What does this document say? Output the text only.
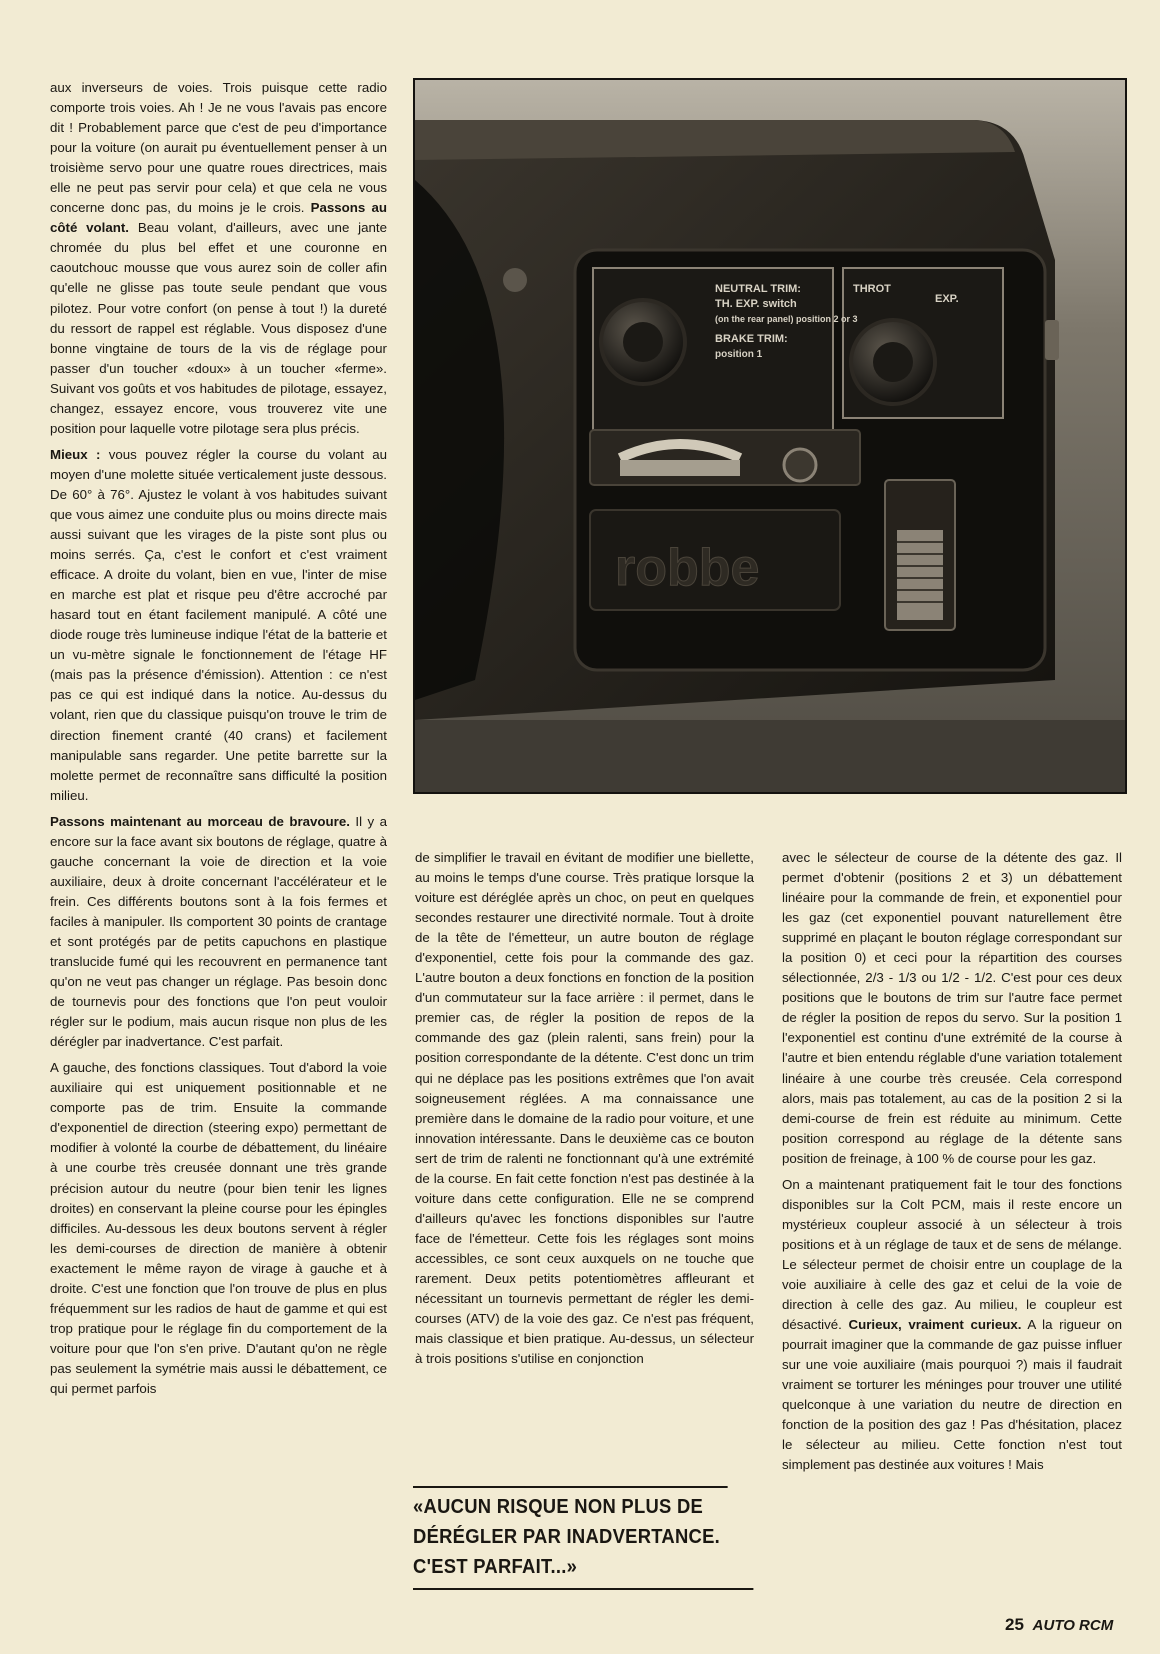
aux inverseurs de voies. Trois puisque cette radio comporte trois voies. Ah ! Je ne vous l'avais pas encore dit ! Probablement parce que c'est de peu d'importance pour la voiture (on aurait pu éventuellement penser à un troisième servo pour une quatre roues directrices, mais elle ne peut pas servir pour cela) et que cela ne vous concerne donc pas, du moins je le crois. Passons au côté volant. Beau volant, d'ailleurs, avec une jante chromée du plus bel effet et une couronne en caoutchouc mousse que vous aurez soin de coller afin qu'elle ne glisse pas toute seule pendant que vous pilotez. Pour votre confort (on pense à tout !) la dureté du ressort de rappel est réglable. Vous disposez d'une bonne vingtaine de tours de la vis de réglage pour passer d'un toucher «doux» à un toucher «ferme». Suivant vos goûts et vos habitudes de pilotage, essayez, changez, essayez encore, vous trouverez vite une position pour laquelle votre pilotage sera plus précis.

Mieux : vous pouvez régler la course du volant au moyen d'une molette située verticalement juste dessous. De 60° à 76°. Ajustez le volant à vos habitudes suivant que vous aimez une conduite plus ou moins directe mais aussi suivant que les virages de la piste sont plus ou moins serrés. Ça, c'est le confort et c'est vraiment efficace. A droite du volant, bien en vue, l'inter de mise en marche est plat et risque peu d'être accroché par hasard tout en étant facilement manipulé. A côté une diode rouge très lumineuse indique l'état de la batterie et un vu-mètre signale le fonctionnement de l'étage HF (mais pas la présence d'émission). Attention : ce n'est pas ce qui est indiqué dans la notice. Au-dessus du volant, rien que du classique puisqu'on trouve le trim de direction finement cranté (40 crans) et facilement manipulable sans regarder. Une petite barrette sur la molette permet de reconnaître sans difficulté la position milieu.

Passons maintenant au morceau de bravoure. Il y a encore sur la face avant six boutons de réglage, quatre à gauche concernant la voie de direction et la voie auxiliaire, deux à droite concernant l'accélérateur et le frein. Ces différents boutons sont à la fois fermes et faciles à manipuler. Ils comportent 30 points de crantage et sont protégés par de petits capuchons en plastique translucide fumé qui les recouvrent en permanence tant qu'on ne veut pas changer un réglage. Pas besoin donc de tournevis pour des fonctions que l'on peut vouloir régler sur le podium, mais aucun risque non plus de les dérégler par inadvertance. C'est parfait.

A gauche, des fonctions classiques. Tout d'abord la voie auxiliaire qui est uniquement positionnable et ne comporte pas de trim. Ensuite la commande d'exponentiel de direction (steering expo) permettant de modifier à volonté la courbe de débattement, du linéaire à une courbe très creusée donnant une très grande précision autour du neutre (pour bien tenir les lignes droites) en conservant la pleine course pour les épingles difficiles. Au-dessous les deux boutons servent à régler les demi-courses de direction de manière à obtenir exactement le même rayon de virage à gauche et à droite. C'est une fonction que l'on trouve de plus en plus fréquemment sur les radios de haut de gamme et qui est trop pratique pour le réglage fin du comportement de la voiture pour que l'on s'en prive. D'autant qu'on ne règle pas seulement la symétrie mais aussi le débattement, ce qui permet parfois

NEUTRAL TRIM:
TH. EXP. switch
(on the rear panel) position 2 or 3
BRAKE TRIM:
position 1
THROT
EXP.
robbe

de simplifier le travail en évitant de modifier une biellette, au moins le temps d'une course. Très pratique lorsque la voiture est déréglée après un choc, on peut en quelques secondes restaurer une directivité normale. Tout à droite de la tête de l'émetteur, un autre bouton de réglage d'exponentiel, cette fois pour la commande des gaz. L'autre bouton a deux fonctions en fonction de la position d'un commutateur sur la face arrière : il permet, dans le premier cas, de régler la position de repos de la commande des gaz (plein ralenti, sans frein) pour la position correspondante de la détente. C'est donc un trim qui ne déplace pas les positions extrêmes que l'on avait soigneusement réglées. A ma connaissance une première dans le domaine de la radio pour voiture, et une innovation intéressante. Dans le deuxième cas ce bouton sert de trim de ralenti ne fonctionnant qu'à une extrémité de la course. En fait cette fonction n'est pas destinée à la voiture dans cette configuration. Elle ne se comprend d'ailleurs qu'avec les fonctions disponibles sur l'autre face de l'émetteur. Cette fois les réglages sont moins accessibles, ce sont ceux auxquels on ne touche que rarement. Deux petits potentiomètres affleurant et nécessitant un tournevis permettant de régler les demi-courses (ATV) de la voie des gaz. Ce n'est pas fréquent, mais classique et bien pratique. Au-dessus, un sélecteur à trois positions s'utilise en conjonction

avec le sélecteur de course de la détente des gaz. Il permet d'obtenir (positions 2 et 3) un débattement linéaire pour la commande de frein, et exponentiel pour les gaz (cet exponentiel pouvant naturellement être supprimé en plaçant le bouton réglage correspondant sur la position 0) et ceci pour la répartition des courses sélectionnée, 2/3 - 1/3 ou 1/2 - 1/2. C'est pour ces deux positions que le boutons de trim sur l'autre face permet de régler la position de repos du servo. Sur la position 1 l'exponentiel est continu d'une extrémité de la course à l'autre et bien entendu réglable d'une variation totalement linéaire à une courbe très creusée. Cela correspond alors, mais pas totalement, au cas de la position 2 si la demi-course de frein est réduite au minimum. Cette position correspond au réglage de la détente sans position de freinage, à 100 % de course pour les gaz.

On a maintenant pratiquement fait le tour des fonctions disponibles sur la Colt PCM, mais il reste encore un mystérieux coupleur associé à un sélecteur à trois positions et à un réglage de taux et de sens de mélange. Le sélecteur permet de choisir entre un couplage de la voie auxiliaire à celle des gaz et celui de la voie de direction à celle des gaz. Au milieu, le coupleur est désactivé. Curieux, vraiment curieux. A la rigueur on pourrait imaginer que la commande de gaz puisse influer sur une voie auxiliaire (mais pourquoi ?) mais il faudrait vraiment se torturer les méninges pour trouver une utilité quelconque à une variation du neutre de direction en fonction de la position des gaz ! Pas d'hésitation, placez le sélecteur au milieu. Cette fonction n'est tout simplement pas destinée aux voitures ! Mais

«AUCUN RISQUE NON PLUS DE
DÉRÉGLER PAR INADVERTANCE.
C'EST PARFAIT...»
25 AUTO RCM
